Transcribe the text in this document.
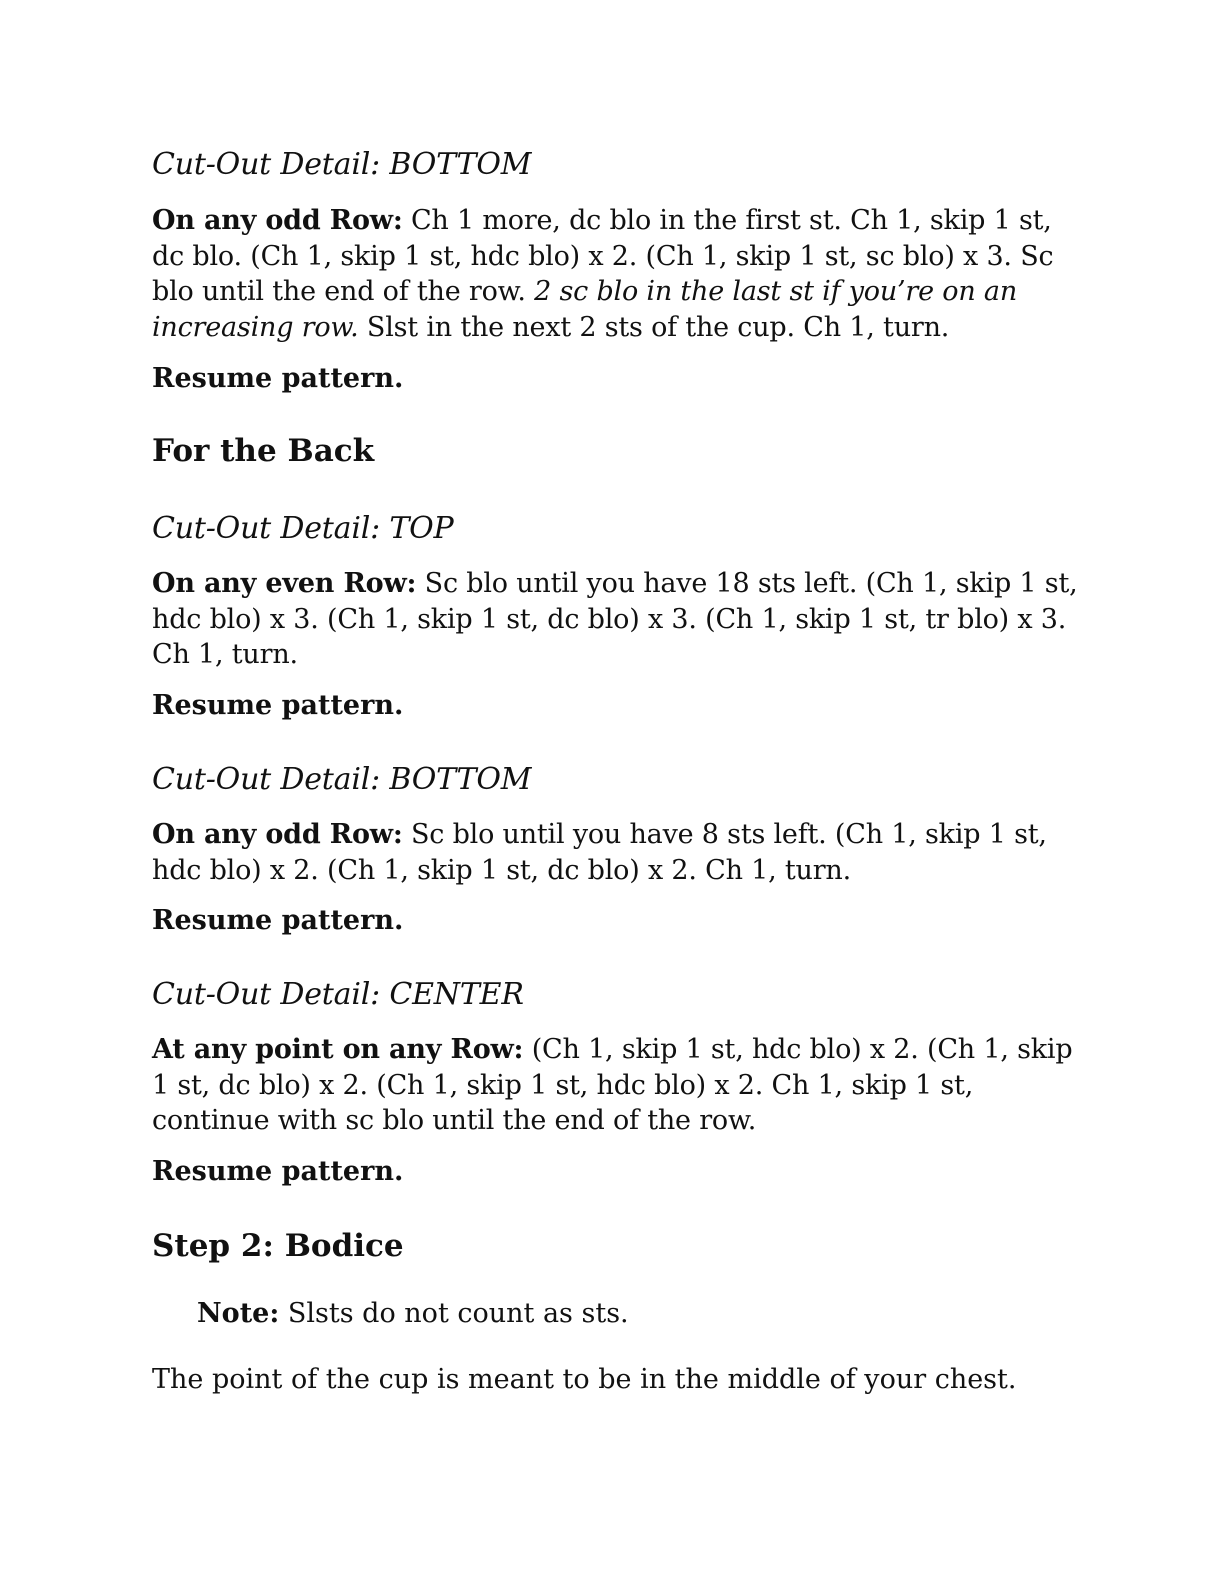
Cut-Out Detail: BOTTOM
On any odd Row: Ch 1 more, dc blo in the first st. Ch 1, skip 1 st,
dc blo. (Ch 1, skip 1 st, hdc blo) x 2. (Ch 1, skip 1 st, sc blo) x 3. Sc
blo until the end of the row. 2 sc blo in the last st if you’re on an
increasing row. Slst in the next 2 sts of the cup. Ch 1, turn.
Resume pattern.
For the Back
Cut-Out Detail: TOP
On any even Row: Sc blo until you have 18 sts left. (Ch 1, skip 1 st,
hdc blo) x 3. (Ch 1, skip 1 st, dc blo) x 3. (Ch 1, skip 1 st, tr blo) x 3.
Ch 1, turn.
Resume pattern.
Cut-Out Detail: BOTTOM
On any odd Row: Sc blo until you have 8 sts left. (Ch 1, skip 1 st,
hdc blo) x 2. (Ch 1, skip 1 st, dc blo) x 2. Ch 1, turn.
Resume pattern.
Cut-Out Detail: CENTER
At any point on any Row: (Ch 1, skip 1 st, hdc blo) x 2. (Ch 1, skip
1 st, dc blo) x 2. (Ch 1, skip 1 st, hdc blo) x 2. Ch 1, skip 1 st,
continue with sc blo until the end of the row.
Resume pattern.
Step 2: Bodice
Note: Slsts do not count as sts.
The point of the cup is meant to be in the middle of your chest.
